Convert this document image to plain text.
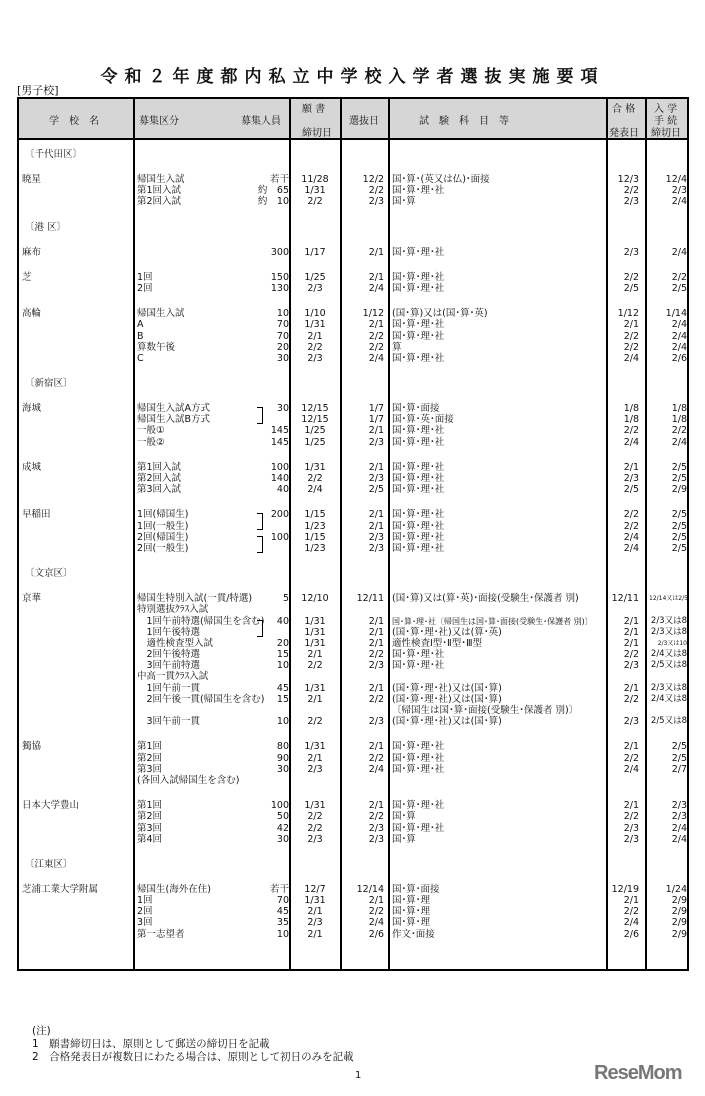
令和２年度都内私立中学校入学者選抜実施要項
[男子校]
学　校　名	募集区分	募集人員
願 書
締切日
選抜日	試　験　科　目　等
合 格
発表日
入 学
手 続
締切日
〔千代田区〕
暁星	帰国生入試	若干	11/28	12/2 国･算･(英又は仏)･面接	12/3	12/4
第1回入試	約　65	1/31	2/2 国･算･理･社	2/2	2/3
第2回入試	約　10	2/2	2/3 国･算	2/3	2/4
〔港 区〕
麻布	300	1/17	2/1 国･算･理･社	2/3	2/4
芝	1回	150	1/25	2/1 国･算･理･社	2/2	2/2
2回	130	2/3	2/4 国･算･理･社	2/5	2/5
高輪	帰国生入試	10	1/10	1/12 (国･算)又は(国･算･英)	1/12	1/14
A	70	1/31	2/1 国･算･理･社	2/1	2/4
B	70	2/1	2/2 国･算･理･社	2/2	2/4
算数午後	20	2/2	2/2 算	2/2	2/4
C	30	2/3	2/4 国･算･理･社	2/4	2/6
〔新宿区〕
海城	帰国生入試A方式	30	12/15	1/7 国･算･面接	1/8	1/8
帰国生入試B方式	12/15	1/7 国･算･英･面接	1/8	1/8
一般①	145	1/25	2/1 国･算･理･社	2/2	2/2
一般②	145	1/25	2/3 国･算･理･社	2/4	2/4
成城	第1回入試	100	1/31	2/1 国･算･理･社	2/1	2/5
第2回入試	140	2/2	2/3 国･算･理･社	2/3	2/5
第3回入試	40	2/4	2/5 国･算･理･社	2/5	2/9
早稲田	1回(帰国生)	200	1/15	2/1 国･算･理･社	2/2	2/5
1回(一般生)	1/23	2/1 国･算･理･社	2/2	2/5
2回(帰国生)	100	1/15	2/3 国･算･理･社	2/4	2/5
2回(一般生)	1/23	2/3 国･算･理･社	2/4	2/5
〔文京区〕
京華	帰国生特別入試(一貫/特選)	5	12/10	12/11 (国･算)又は(算･英)･面接(受験生･保護者 別)	12/11 12/14又は2/5
特別選抜ｸﾗｽ入試
　1回午前特選(帰国生を含む)	40	1/31	2/1 国･算･理･社〔帰国生は国･算･面接(受験生･保護者 別)〕	2/1 2/3又は8
　1回午後特選	1/31	2/1 (国･算･理･社)又は(算･英)	2/1 2/3又は8
　適性検査型入試	20	1/31	2/1 適性検査Ⅰ型･Ⅱ型･Ⅲ型	2/1	2/3又は10
　2回午後特選	15	2/1	2/2 国･算･理･社	2/2 2/4又は8
　3回午前特選	10	2/2	2/3 国･算･理･社	2/3 2/5又は8
中高一貫ｸﾗｽ入試
　1回午前一貫	45	1/31	2/1 (国･算･理･社)又は(国･算)	2/1 2/3又は8
　2回午後一貫(帰国生を含む)	15	2/1	2/2 (国･算･理･社)又は(国･算)	2/2 2/4又は8
〔帰国生は国･算･面接(受験生･保護者 別)〕
　3回午前一貫	10	2/2	2/3 (国･算･理･社)又は(国･算)	2/3 2/5又は8
獨協	第1回	80	1/31	2/1 国･算･理･社	2/1	2/5
第2回	90	2/1	2/2 国･算･理･社	2/2	2/5
第3回	30	2/3	2/4 国･算･理･社	2/4	2/7
(各回入試帰国生を含む)
日本大学豊山	第1回	100	1/31	2/1 国･算･理･社	2/1	2/3
第2回	50	2/2	2/2 国･算	2/2	2/3
第3回	42	2/2	2/3 国･算･理･社	2/3	2/4
第4回	30	2/3	2/3 国･算	2/3	2/4
〔江東区〕
芝浦工業大学附属	帰国生(海外在住)	若干	12/7	12/14 国･算･面接	12/19	1/24
1回	70	1/31	2/1 国･算･理	2/1	2/9
2回	45	2/1	2/2 国･算･理	2/2	2/9
3回	35	2/3	2/4 国･算･理	2/4	2/9
第一志望者	10	2/1	2/6 作文･面接	2/6	2/9
(注)
1　願書締切日は、原則として郵送の締切日を記載
2　合格発表日が複数日にわたる場合は、原則として初日のみを記載
1	ReseMom
